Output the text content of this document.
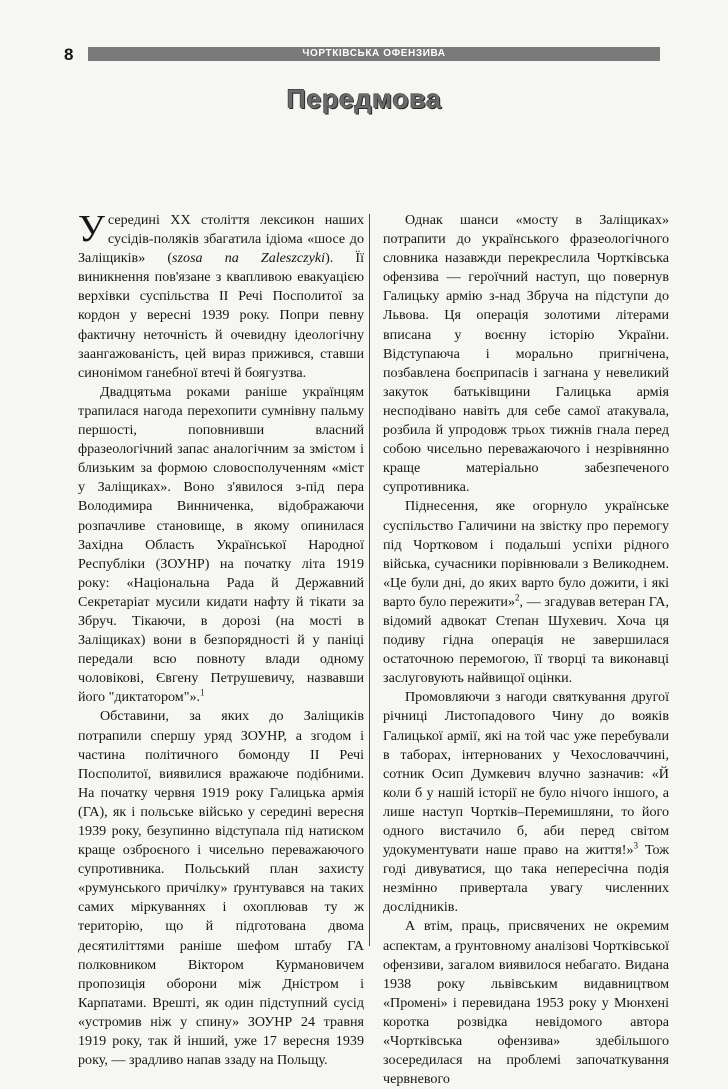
8	ЧОРТКІВСЬКА ОФЕНЗИВА
Передмова

Усередині XX століття лексикон наших сусідів-поляків збагатила ідіома «шосе до Заліщиків» (szosa na Zaleszczyki). Її виникнення пов'язане з квапливою евакуацією верхівки суспільства ІІ Речі Посполитої за кордон у вересні 1939 року. Попри певну фактичну неточність й очевидну ідеологічну заангажованість, цей вираз прижився, ставши синонімом ганебної втечі й боягузтва.

Двадцятьма роками раніше українцям трапилася нагода перехопити сумнівну пальму першості, поповнивши власний фразеологічний запас аналогічним за змістом і близьким за формою словосполученням «міст у Заліщиках». Воно з'явилося з-під пера Володимира Винниченка, відображаючи розпачливе становище, в якому опинилася Західна Область Української Народної Республіки (ЗОУНР) на початку літа 1919 року: «Національна Рада й Державний Секретаріат мусили кидати нафту й тікати за Збруч. Тікаючи, в дорозі (на мості в Заліщиках) вони в безпорядності й у паніці передали всю повноту влади одному чоловікові, Євгену Петрушевичу, назвавши його "диктатором"».$^1$

Обставини, за яких до Заліщиків потрапили спершу уряд ЗОУНР, а згодом і частина політичного бомонду ІІ Речі Посполитої, виявилися вражаюче подібними. На початку червня 1919 року Галицька армія (ГА), як і польське військо у середині вересня 1939 року, безупинно відступала під натиском краще озброєного і чисельно переважаючого супротивника. Польський план захисту «румунського причілку» ґрунтувався на таких самих міркуваннях і охоплював ту ж територію, що й підготована двома десятиліттями раніше шефом штабу ГА полковником Віктором Курмановичем пропозиція оборони між Дністром і Карпатами. Врешті, як один підступний сусід «устромив ніж у спину» ЗОУНР 24 травня 1919 року, так й інший, уже 17 вересня 1939 року, — зрадливо напав ззаду на Польщу.

Однак шанси «мосту в Заліщиках» потрапити до українського фразеологічного словника назавжди перекреслила Чортківська офензива — героїчний наступ, що повернув Галицьку армію з-над Збруча на підступи до Львова. Ця операція золотими літерами вписана у воєнну історію України. Відступаюча і морально пригнічена, позбавлена боєприпасів і загнана у невеликий закуток батьківщини Галицька армія несподівано навіть для себе самої атакувала, розбила й упродовж трьох тижнів гнала перед собою чисельно переважаючого і незрівнянно краще матеріально забезпеченого супротивника.

Піднесення, яке огорнуло українське суспільство Галичини на звістку про перемогу під Чортковом і подальші успіхи рідного війська, сучасники порівнювали з Великоднем. «Це були дні, до яких варто було дожити, і які варто було пережити»$^2$, — згадував ветеран ГА, відомий адвокат Степан Шухевич. Хоча ця подиву гідна операція не завершилася остаточною перемогою, її творці та виконавці заслуговують найвищої оцінки.

Промовляючи з нагоди святкування другої річниці Листопадового Чину до вояків Галицької армії, які на той час уже перебували в таборах, інтернованих у Чехословаччині, сотник Осип Думкевич влучно зазначив: «Й коли б у нашій історії не було нічого іншого, а лише наступ Чортків–Перемишляни, то його одного вистачило б, аби перед світом удокументувати наше право на життя!»$^3$ Тож годі дивуватися, що така непересічна подія незмінно привертала увагу численних дослідників.

А втім, праць, присвячених не окремим аспектам, а ґрунтовному аналізові Чортківської офензиви, загалом виявилося небагато. Видана 1938 року львівським видавництвом «Промені» і перевидана 1953 року у Мюнхені коротка розвідка невідомого автора «Чортківська офензива» здебільшого зосередилася на проблемі започаткування червневого
